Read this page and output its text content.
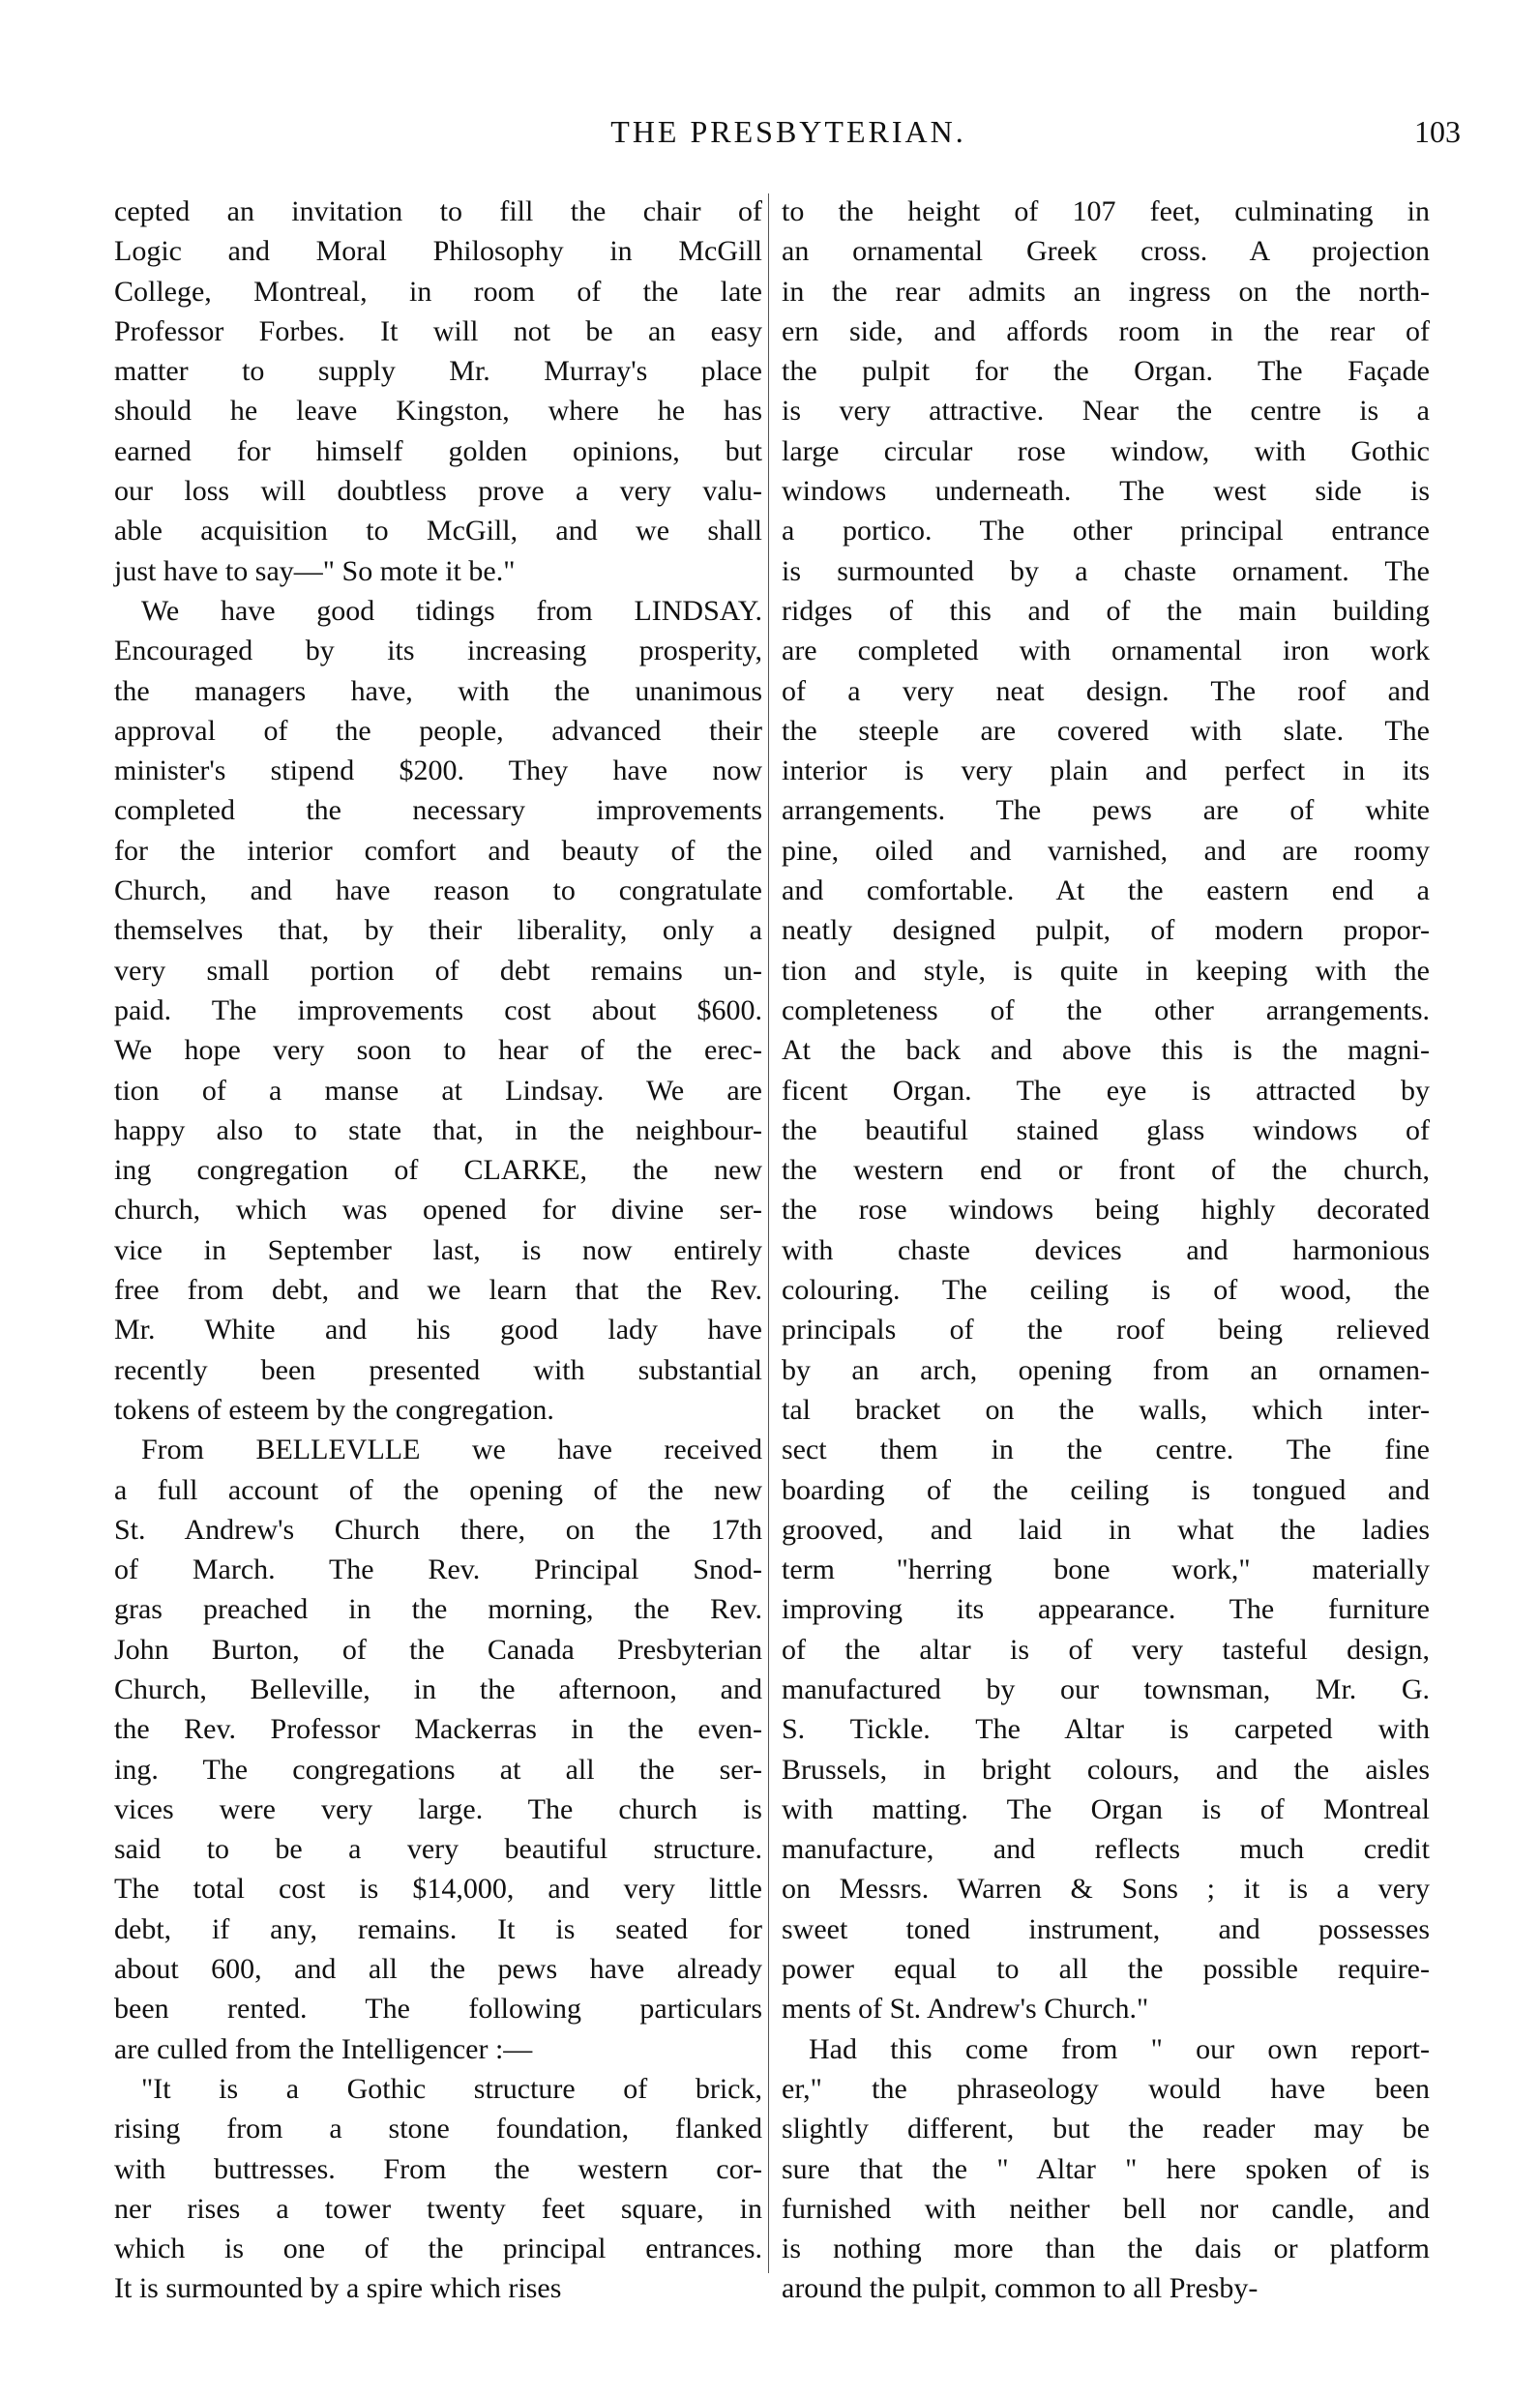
THE PRESBYTERIAN.	103
cepted an invitation to fill the chair of
Logic and Moral Philosophy in McGill
College, Montreal, in room of the late
Professor Forbes. It will not be an easy
matter to supply Mr. Murray's place
should he leave Kingston, where he has
earned for himself golden opinions, but
our loss will doubtless prove a very valu-
able acquisition to McGill, and we shall
just have to say—" So mote it be."
We have good tidings from LINDSAY.
Encouraged by its increasing prosperity,
the managers have, with the unanimous
approval of the people, advanced their
minister's stipend $200. They have now
completed the necessary improvements
for the interior comfort and beauty of the
Church, and have reason to congratulate
themselves that, by their liberality, only a
very small portion of debt remains un-
paid. The improvements cost about $600.
We hope very soon to hear of the erec-
tion of a manse at Lindsay. We are
happy also to state that, in the neighbour-
ing congregation of CLARKE, the new
church, which was opened for divine ser-
vice in September last, is now entirely
free from debt, and we learn that the Rev.
Mr. White and his good lady have
recently been presented with substantial
tokens of esteem by the congregation.
From BELLEVLLE we have received
a full account of the opening of the new
St. Andrew's Church there, on the 17th
of March. The Rev. Principal Snod-
gras preached in the morning, the Rev.
John Burton, of the Canada Presbyterian
Church, Belleville, in the afternoon, and
the Rev. Professor Mackerras in the even-
ing. The congregations at all the ser-
vices were very large. The church is
said to be a very beautiful structure.
The total cost is $14,000, and very little
debt, if any, remains. It is seated for
about 600, and all the pews have already
been rented. The following particulars
are culled from the Intelligencer :—
"It is a Gothic structure of brick,
rising from a stone foundation, flanked
with buttresses. From the western cor-
ner rises a tower twenty feet square, in
which is one of the principal entrances.
It is surmounted by a spire which rises
to the height of 107 feet, culminating in
an ornamental Greek cross. A projection
in the rear admits an ingress on the north-
ern side, and affords room in the rear of
the pulpit for the Organ. The Façade
is very attractive. Near the centre is a
large circular rose window, with Gothic
windows underneath. The west side is
a portico. The other principal entrance
is surmounted by a chaste ornament. The
ridges of this and of the main building
are completed with ornamental iron work
of a very neat design. The roof and
the steeple are covered with slate. The
interior is very plain and perfect in its
arrangements. The pews are of white
pine, oiled and varnished, and are roomy
and comfortable. At the eastern end a
neatly designed pulpit, of modern propor-
tion and style, is quite in keeping with the
completeness of the other arrangements.
At the back and above this is the magni-
ficent Organ. The eye is attracted by
the beautiful stained glass windows of
the western end or front of the church,
the rose windows being highly decorated
with chaste devices and harmonious
colouring. The ceiling is of wood, the
principals of the roof being relieved
by an arch, opening from an ornamen-
tal bracket on the walls, which inter-
sect them in the centre. The fine
boarding of the ceiling is tongued and
grooved, and laid in what the ladies
term "herring bone work," materially
improving its appearance. The furniture
of the altar is of very tasteful design,
manufactured by our townsman, Mr. G.
S. Tickle. The Altar is carpeted with
Brussels, in bright colours, and the aisles
with matting. The Organ is of Montreal
manufacture, and reflects much credit
on Messrs. Warren & Sons ; it is a very
sweet toned instrument, and possesses
power equal to all the possible require-
ments of St. Andrew's Church."
Had this come from " our own report-
er," the phraseology would have been
slightly different, but the reader may be
sure that the " Altar " here spoken of is
furnished with neither bell nor candle, and
is nothing more than the dais or platform
around the pulpit, common to all Presby-
